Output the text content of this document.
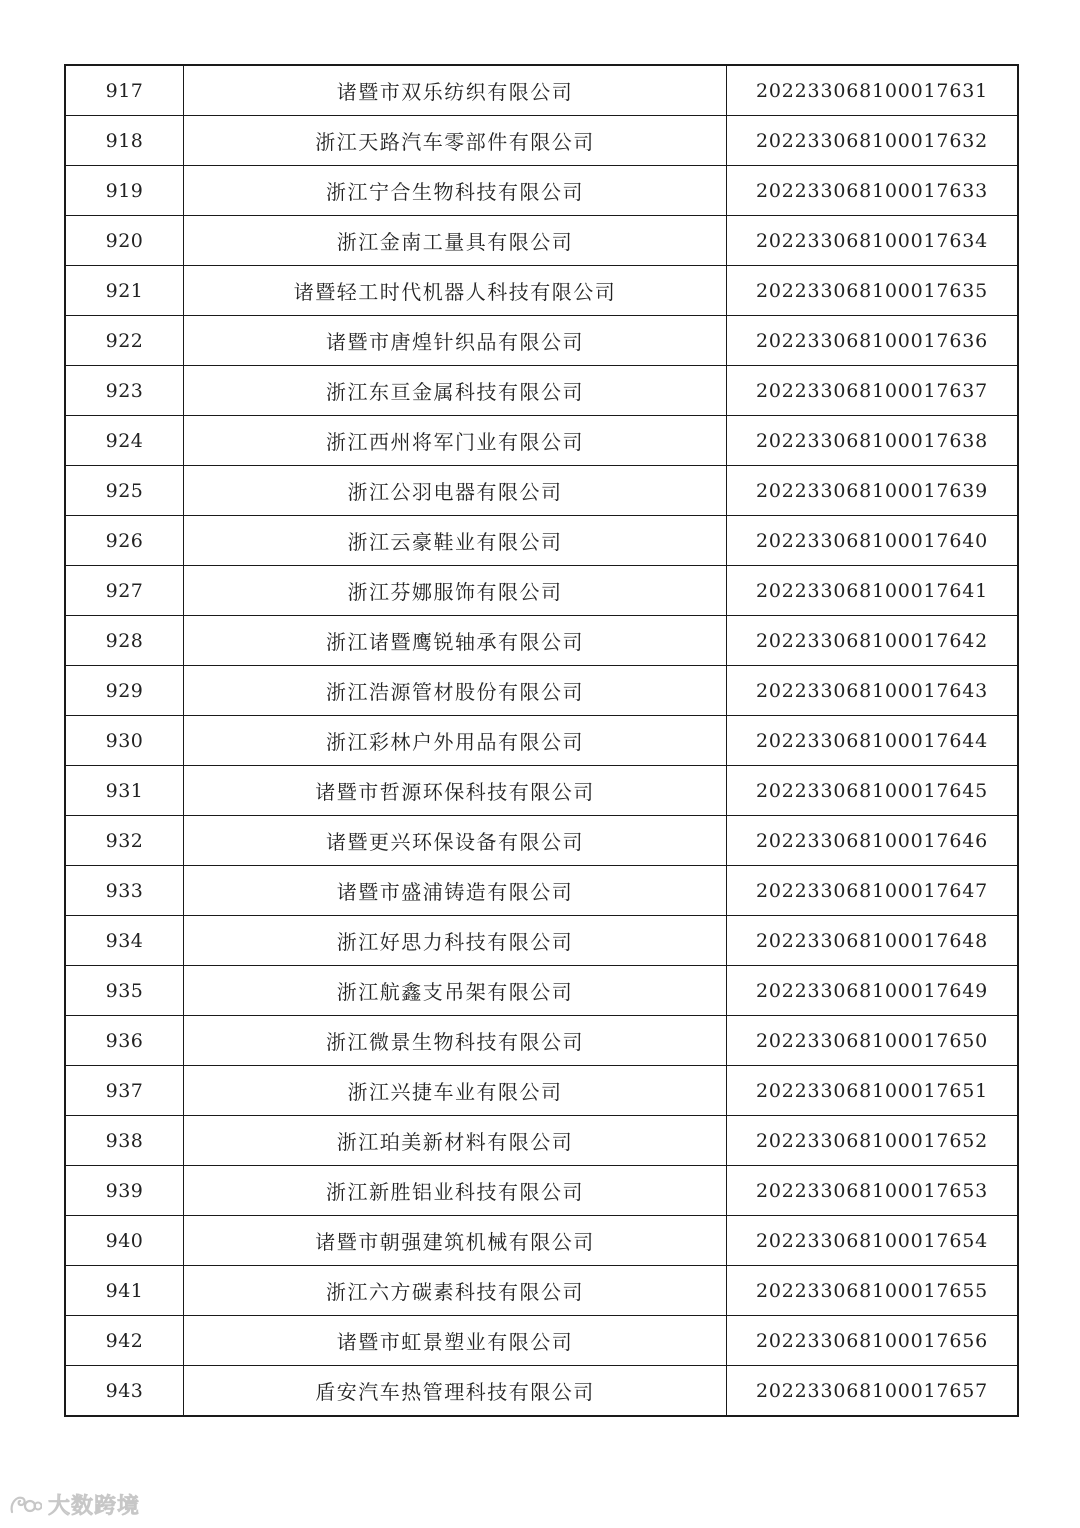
917	诸暨市双乐纺织有限公司	202233068100017631
918	浙江天路汽车零部件有限公司	202233068100017632
919	浙江宁合生物科技有限公司	202233068100017633
920	浙江金南工量具有限公司	202233068100017634
921	诸暨轻工时代机器人科技有限公司	202233068100017635
922	诸暨市唐煌针织品有限公司	202233068100017636
923	浙江东亘金属科技有限公司	202233068100017637
924	浙江西州将军门业有限公司	202233068100017638
925	浙江公羽电器有限公司	202233068100017639
926	浙江云豪鞋业有限公司	202233068100017640
927	浙江芬娜服饰有限公司	202233068100017641
928	浙江诸暨鹰锐轴承有限公司	202233068100017642
929	浙江浩源管材股份有限公司	202233068100017643
930	浙江彩林户外用品有限公司	202233068100017644
931	诸暨市哲源环保科技有限公司	202233068100017645
932	诸暨更兴环保设备有限公司	202233068100017646
933	诸暨市盛浦铸造有限公司	202233068100017647
934	浙江好思力科技有限公司	202233068100017648
935	浙江航鑫支吊架有限公司	202233068100017649
936	浙江微景生物科技有限公司	202233068100017650
937	浙江兴捷车业有限公司	202233068100017651
938	浙江珀美新材料有限公司	202233068100017652
939	浙江新胜铝业科技有限公司	202233068100017653
940	诸暨市朝强建筑机械有限公司	202233068100017654
941	浙江六方碳素科技有限公司	202233068100017655
942	诸暨市虹景塑业有限公司	202233068100017656
943	盾安汽车热管理科技有限公司	202233068100017657
大数跨境
